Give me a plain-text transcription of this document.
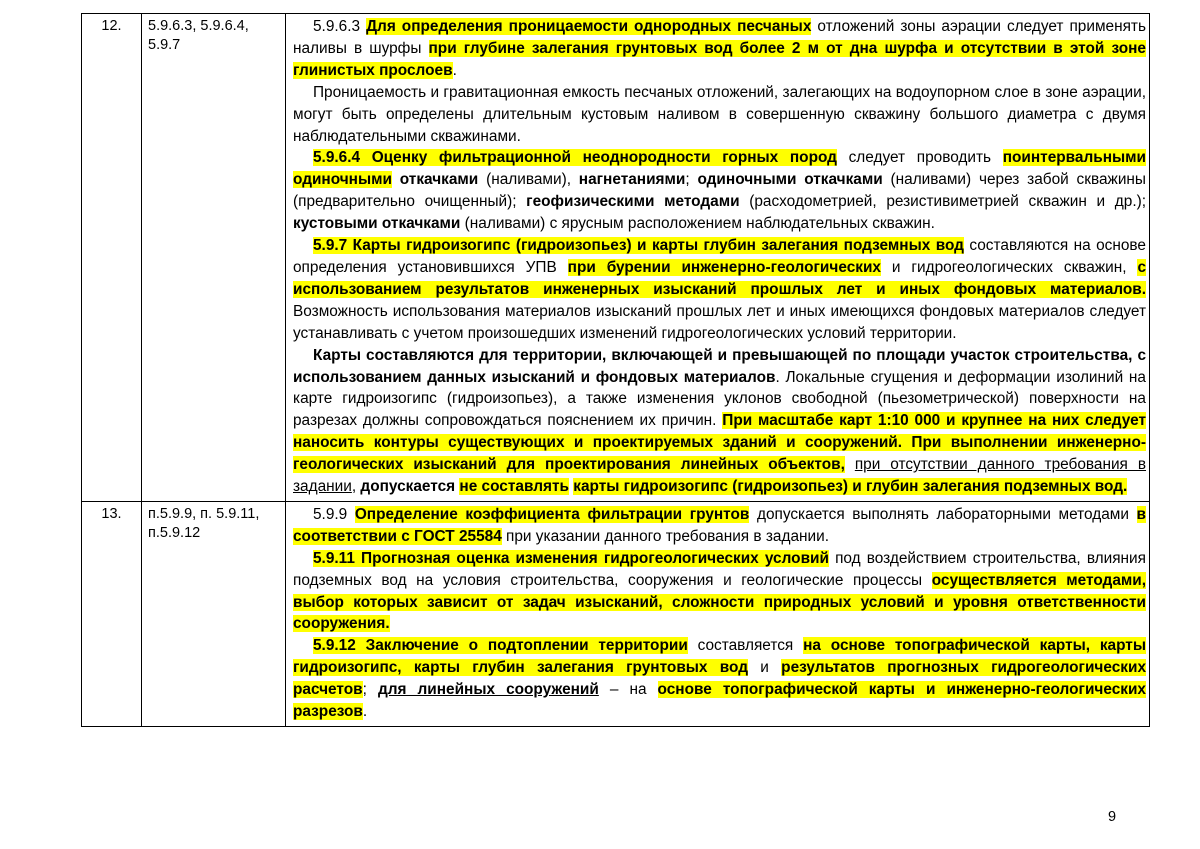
12.	5.9.6.3, 5.9.6.4, 5.9.7	5.9.6.3 Для определения проницаемости однородных песчаных отложений зоны аэрации следует применять наливы в шурфы при глубине залегания грунтовых вод более 2 м от дна шурфа и отсутствии в этой зоне глинистых прослоев.

Проницаемость и гравитационная емкость песчаных отложений, залегающих на водоупорном слое в зоне аэрации, могут быть определены длительным кустовым наливом в совершенную скважину большого диаметра с двумя наблюдательными скважинами.

5.9.6.4 Оценку фильтрационной неоднородности горных пород следует проводить поинтервальными одиночными откачками (наливами), нагнетаниями; одиночными откачками (наливами) через забой скважины (предварительно очищенный); геофизическими методами (расходометрией, резистивиметрией скважин и др.); кустовыми откачками (наливами) с ярусным расположением наблюдательных скважин.

5.9.7 Карты гидроизогипс (гидроизопьез) и карты глубин залегания подземных вод составляются на основе определения установившихся УПВ при бурении инженерно-геологических и гидрогеологических скважин, с использованием результатов инженерных изысканий прошлых лет и иных фондовых материалов. Возможность использования материалов изысканий прошлых лет и иных имеющихся фондовых материалов следует устанавливать с учетом произошедших изменений гидрогеологических условий территории.

Карты составляются для территории, включающей и превышающей по площади участок строительства, с использованием данных изысканий и фондовых материалов. Локальные сгущения и деформации изолиний на карте гидроизогипс (гидроизопьез), а также изменения уклонов свободной (пьезометрической) поверхности на разрезах должны сопровождаться пояснением их причин. При масштабе карт 1:10 000 и крупнее на них следует наносить контуры существующих и проектируемых зданий и сооружений. При выполнении инженерно-геологических изысканий для проектирования линейных объектов, при отсутствии данного требования в задании, допускается не составлять карты гидроизогипс (гидроизопьез) и глубин залегания подземных вод.

13.	п.5.9.9, п. 5.9.11, п.5.9.12	5.9.9 Определение коэффициента фильтрации грунтов допускается выполнять лабораторными методами в соответствии с ГОСТ 25584 при указании данного требования в задании.

5.9.11 Прогнозная оценка изменения гидрогеологических условий под воздействием строительства, влияния подземных вод на условия строительства, сооружения и геологические процессы осуществляется методами, выбор которых зависит от задач изысканий, сложности природных условий и уровня ответственности сооружения.

5.9.12 Заключение о подтоплении территории составляется на основе топографической карты, карты гидроизогипс, карты глубин залегания грунтовых вод и результатов прогнозных гидрогеологических расчетов; для линейных сооружений – на основе топографической карты и инженерно-геологических разрезов.

9
